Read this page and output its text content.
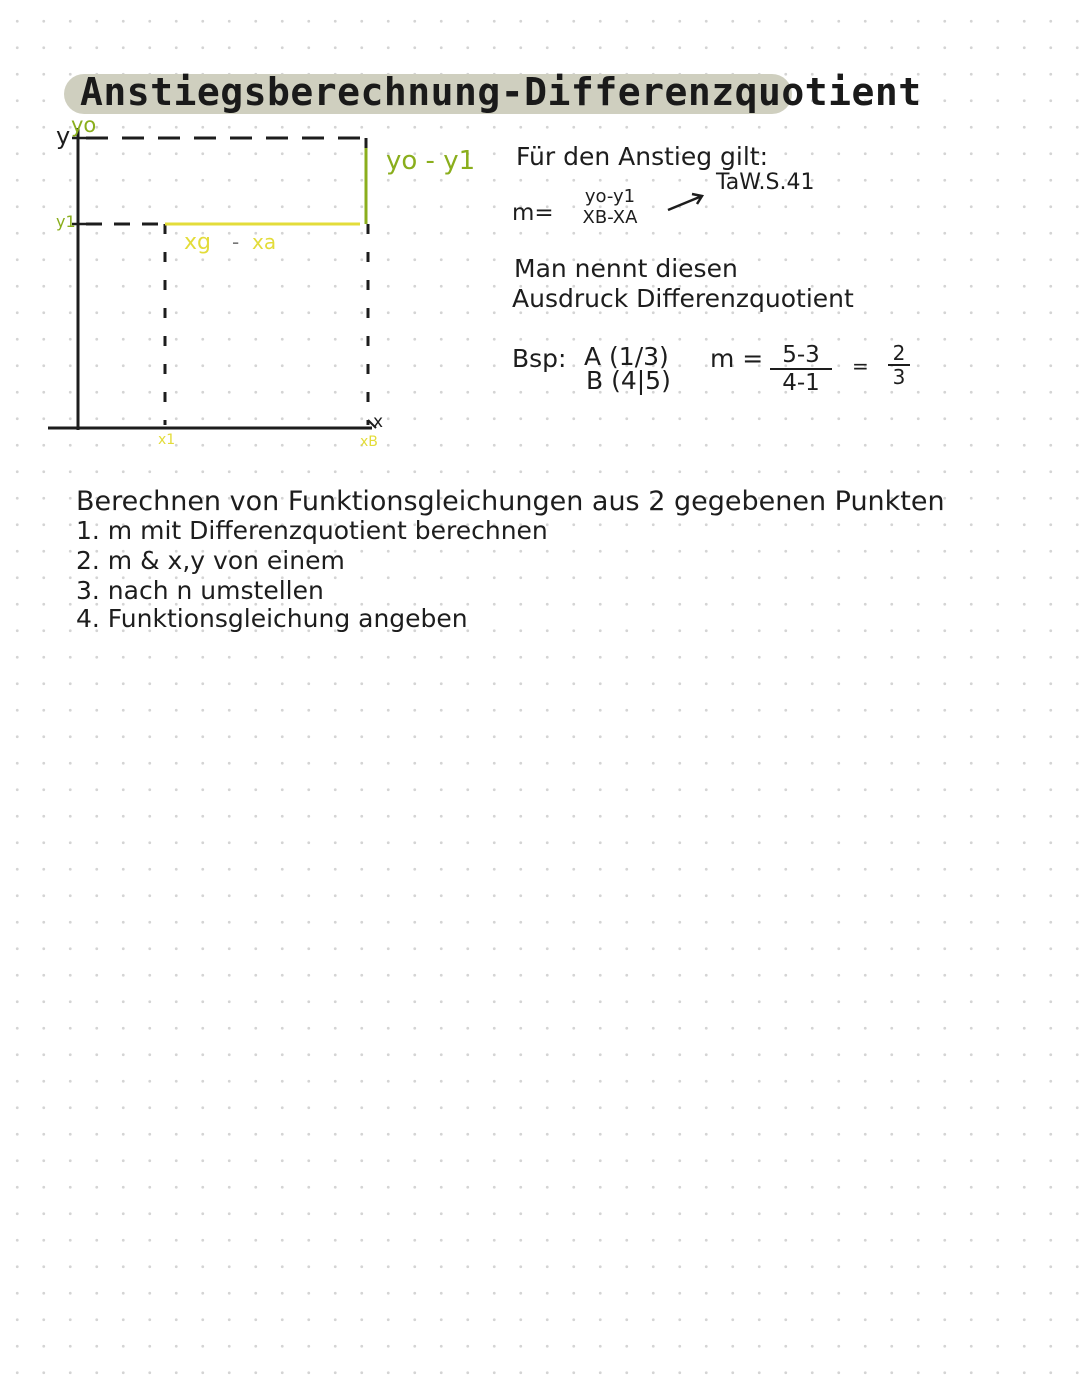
Anstiegsberechnung-Differenzquotient
y yo
y1
yo - y1
xg - xa
x
x1	xB
Für den Anstieg gilt:
TaW.S.41
m=
yo-y1
XB-XA
Man nennt diesen
Ausdruck Differenzquotient
Bsp: A (1/3)
B (4|5)
$m = \frac{5-3}{4-1} = \frac{2}{3}$
Berechnen von Funktionsgleichungen aus 2 gegebenen Punkten
1. m mit Differenzquotient berechnen
2. m & x,y von einem
3. nach n umstellen
4. Funktionsgleichung angeben
